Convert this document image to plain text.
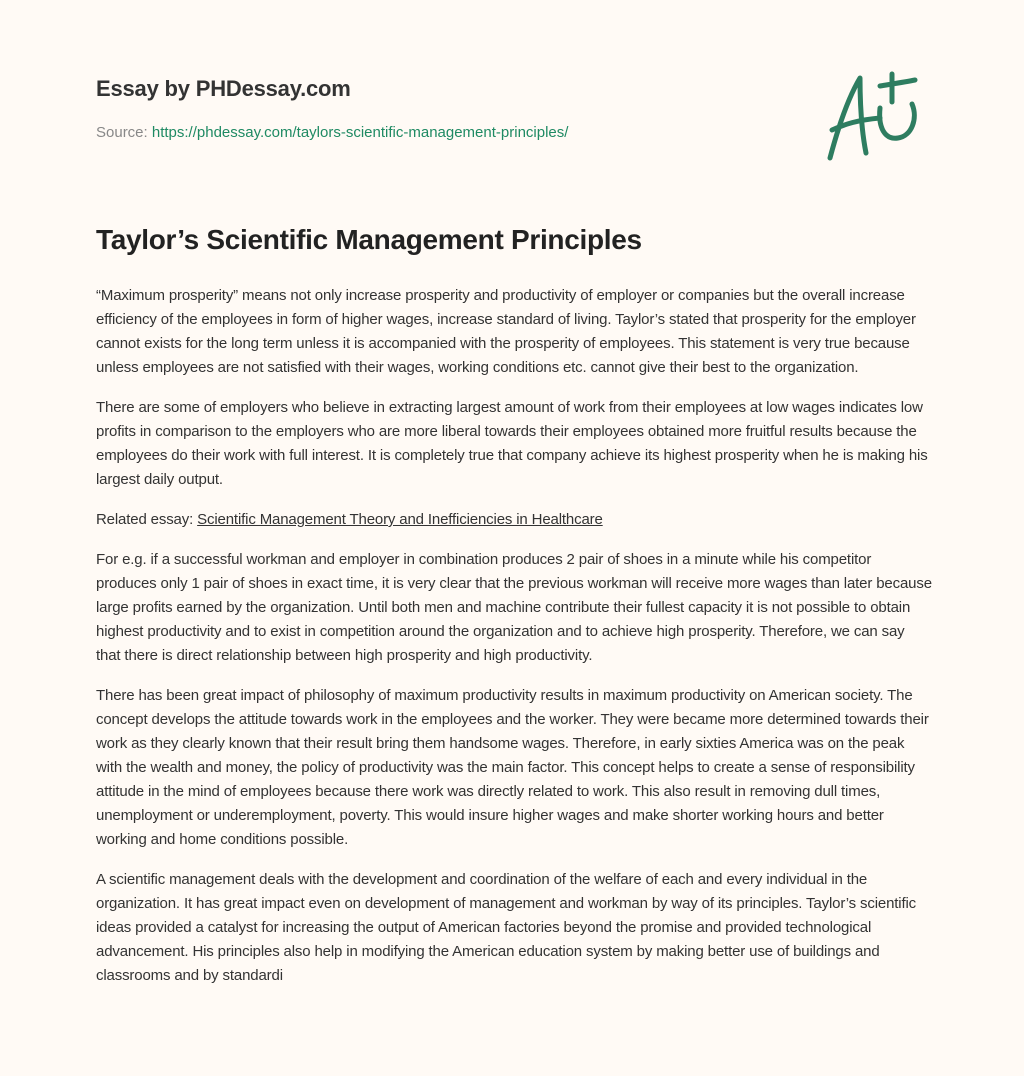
Essay by PHDessay.com
Source: https://phdessay.com/taylors-scientific-management-principles/
Taylor’s Scientific Management Principles

“Maximum prosperity” means not only increase prosperity and productivity of employer or companies but the overall increase efficiency of the employees in form of higher wages, increase standard of living. Taylor’s stated that prosperity for the employer cannot exists for the long term unless it is accompanied with the prosperity of employees. This statement is very true because unless employees are not satisfied with their wages, working conditions etc. cannot give their best to the organization.

There are some of employers who believe in extracting largest amount of work from their employees at low wages indicates low profits in comparison to the employers who are more liberal towards their employees obtained more fruitful results because the employees do their work with full interest. It is completely true that company achieve its highest prosperity when he is making his largest daily output.

Related essay: Scientific Management Theory and Inefficiencies in Healthcare

For e.g. if a successful workman and employer in combination produces 2 pair of shoes in a minute while his competitor produces only 1 pair of shoes in exact time, it is very clear that the previous workman will receive more wages than later because large profits earned by the organization. Until both men and machine contribute their fullest capacity it is not possible to obtain highest productivity and to exist in competition around the organization and to achieve high prosperity. Therefore, we can say that there is direct relationship between high prosperity and high productivity.

There has been great impact of philosophy of maximum productivity results in maximum productivity on American society. The concept develops the attitude towards work in the employees and the worker. They were became more determined towards their work as they clearly known that their result bring them handsome wages. Therefore, in early sixties America was on the peak with the wealth and money, the policy of productivity was the main factor. This concept helps to create a sense of responsibility attitude in the mind of employees because there work was directly related to work. This also result in removing dull times, unemployment or underemployment, poverty. This would insure higher wages and make shorter working hours and better working and home conditions possible.

A scientific management deals with the development and coordination of the welfare of each and every individual in the organization. It has great impact even on development of management and workman by way of its principles. Taylor’s scientific ideas provided a catalyst for increasing the output of American factories beyond the promise and provided technological advancement. His principles also help in modifying the American education system by making better use of buildings and classrooms and by standardi
